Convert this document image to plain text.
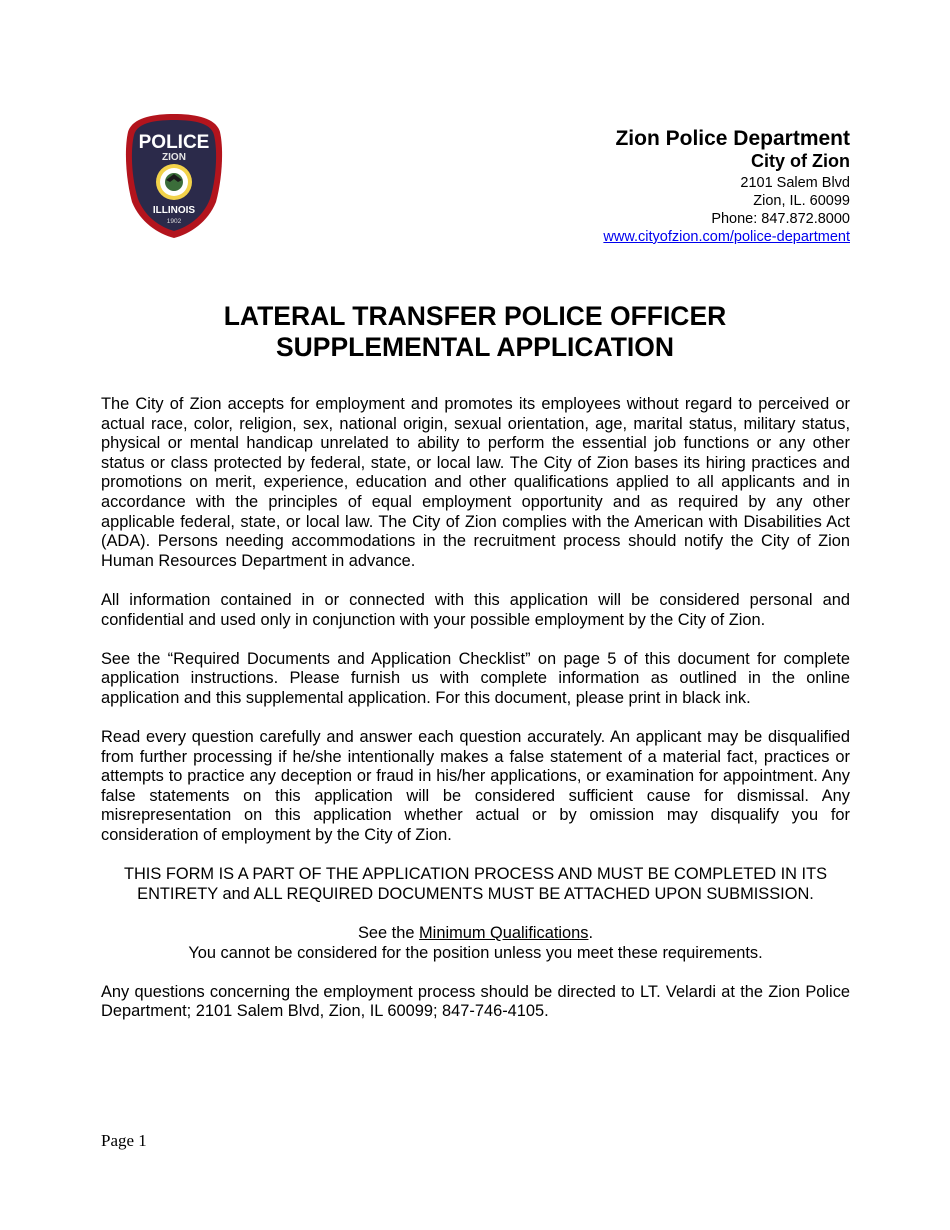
POLICE
ZION
ILLINOIS
1902
Zion Police Department
City of Zion
2101 Salem Blvd
Zion, IL. 60099
Phone: 847.872.8000
www.cityofzion.com/police-department
LATERAL TRANSFER POLICE OFFICER
SUPPLEMENTAL APPLICATION

The City of Zion accepts for employment and promotes its employees without regard to perceived or actual race, color, religion, sex, national origin, sexual orientation, age, marital status, military status, physical or mental handicap unrelated to ability to perform the essential job functions or any other status or class protected by federal, state, or local law. The City of Zion bases its hiring practices and promotions on merit, experience, education and other qualifications applied to all applicants and in accordance with the principles of equal employment opportunity and as required by any other applicable federal, state, or local law. The City of Zion complies with the American with Disabilities Act (ADA). Persons needing accommodations in the recruitment process should notify the City of Zion Human Resources Department in advance.

All information contained in or connected with this application will be considered personal and confidential and used only in conjunction with your possible employment by the City of Zion.

See the “Required Documents and Application Checklist” on page 5 of this document for complete application instructions. Please furnish us with complete information as outlined in the online application and this supplemental application. For this document, please print in black ink.

Read every question carefully and answer each question accurately. An applicant may be disqualified from further processing if he/she intentionally makes a false statement of a material fact, practices or attempts to practice any deception or fraud in his/her applications, or examination for appointment. Any false statements on this application will be considered sufficient cause for dismissal. Any misrepresentation on this application whether actual or by omission may disqualify you for consideration of employment by the City of Zion.

THIS FORM IS A PART OF THE APPLICATION PROCESS AND MUST BE COMPLETED IN ITS ENTIRETY and ALL REQUIRED DOCUMENTS MUST BE ATTACHED UPON SUBMISSION.

See the Minimum Qualifications.
You cannot be considered for the position unless you meet these requirements.

Any questions concerning the employment process should be directed to LT. Velardi at the Zion Police Department; 2101 Salem Blvd, Zion, IL 60099; 847-746-4105.

Page 1
